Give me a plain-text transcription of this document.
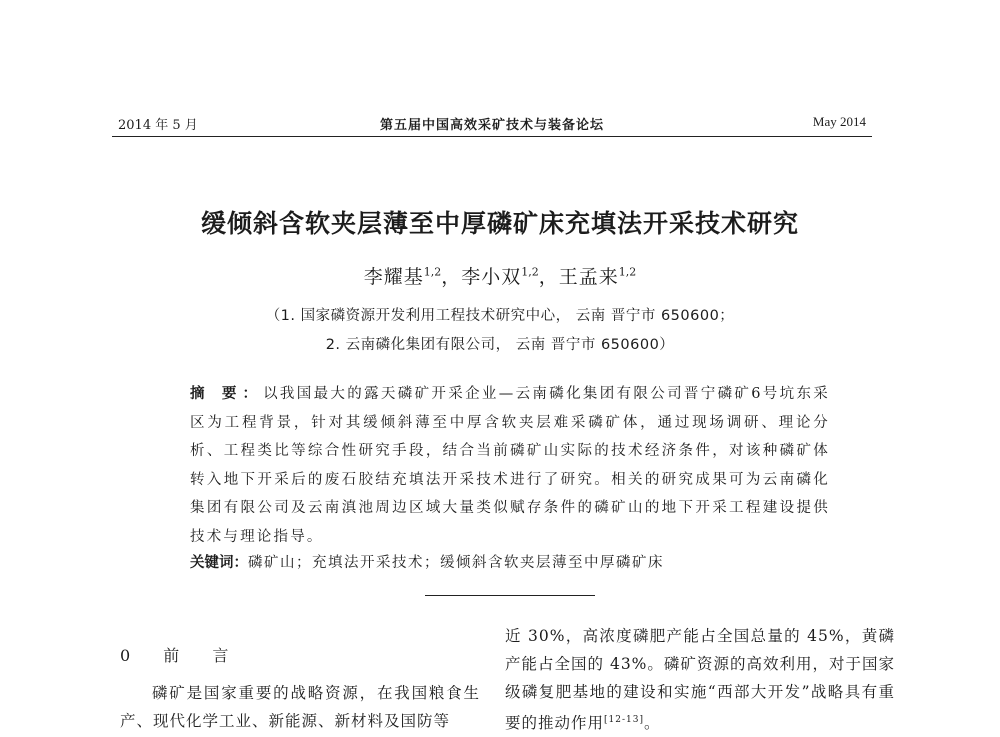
2014 年 5 月	第五届中国高效采矿技术与装备论坛	May 2014
缓倾斜含软夹层薄至中厚磷矿床充填法开采技术研究
李耀基$^{1,2}$，李小双$^{1,2}$，王孟来$^{1,2}$
（1. 国家磷资源开发利用工程技术研究中心， 云南 晋宁市 650600；
2. 云南磷化集团有限公司， 云南 晋宁市 650600）
摘 要：以我国最大的露天磷矿开采企业—云南磷化集团有限公司晋宁磷矿6号坑东采区为工程背景，针对其缓倾斜薄至中厚含软夹层难采磷矿体，通过现场调研、理论分析、工程类比等综合性研究手段，结合当前磷矿山实际的技术经济条件，对该种磷矿体转入地下开采后的废石胶结充填法开采技术进行了研究。相关的研究成果可为云南磷化集团有限公司及云南滇池周边区域大量类似赋存条件的磷矿山的地下开采工程建设提供技术与理论指导。
关键词：磷矿山；充填法开采技术；缓倾斜含软夹层薄至中厚磷矿床
0 前 言
磷矿是国家重要的战略资源，在我国粮食生产、现代化学工业、新能源、新材料及国防等
近 30%，高浓度磷肥产能占全国总量的 45%，黄磷产能占全国的 43%。磷矿资源的高效利用，对于国家级磷复肥基地的建设和实施“西部大开发”战略具有重要的推动作用[12-13]。
